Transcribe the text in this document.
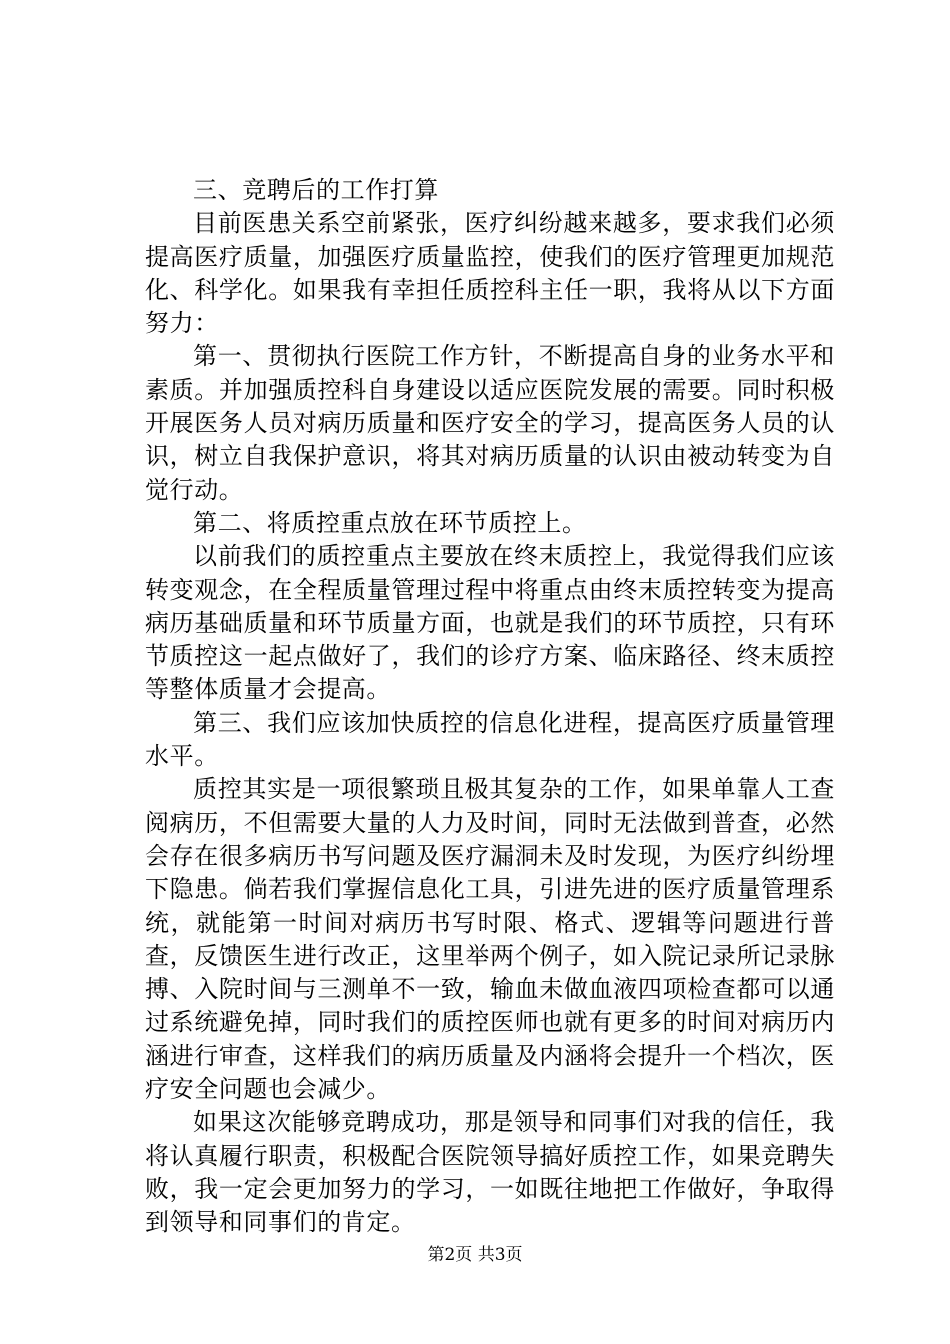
三、竞聘后的工作打算

目前医患关系空前紧张，医疗纠纷越来越多，要求我们必须提高医疗质量，加强医疗质量监控，使我们的医疗管理更加规范化、科学化。如果我有幸担任质控科主任一职，我将从以下方面努力：

第一、贯彻执行医院工作方针，不断提高自身的业务水平和素质。并加强质控科自身建设以适应医院发展的需要。同时积极开展医务人员对病历质量和医疗安全的学习，提高医务人员的认识，树立自我保护意识，将其对病历质量的认识由被动转变为自觉行动。

第二、将质控重点放在环节质控上。

以前我们的质控重点主要放在终末质控上，我觉得我们应该转变观念，在全程质量管理过程中将重点由终末质控转变为提高病历基础质量和环节质量方面，也就是我们的环节质控，只有环节质控这一起点做好了，我们的诊疗方案、临床路径、终末质控等整体质量才会提高。

第三、我们应该加快质控的信息化进程，提高医疗质量管理水平。

质控其实是一项很繁琐且极其复杂的工作，如果单靠人工查阅病历，不但需要大量的人力及时间，同时无法做到普查，必然会存在很多病历书写问题及医疗漏洞未及时发现，为医疗纠纷埋下隐患。倘若我们掌握信息化工具，引进先进的医疗质量管理系统，就能第一时间对病历书写时限、格式、逻辑等问题进行普查，反馈医生进行改正，这里举两个例子，如入院记录所记录脉搏、入院时间与三测单不一致，输血未做血液四项检查都可以通过系统避免掉，同时我们的质控医师也就有更多的时间对病历内涵进行审查，这样我们的病历质量及内涵将会提升一个档次，医疗安全问题也会减少。

如果这次能够竞聘成功，那是领导和同事们对我的信任，我将认真履行职责，积极配合医院领导搞好质控工作，如果竞聘失败，我一定会更加努力的学习，一如既往地把工作做好，争取得到领导和同事们的肯定。

第2页 共3页
